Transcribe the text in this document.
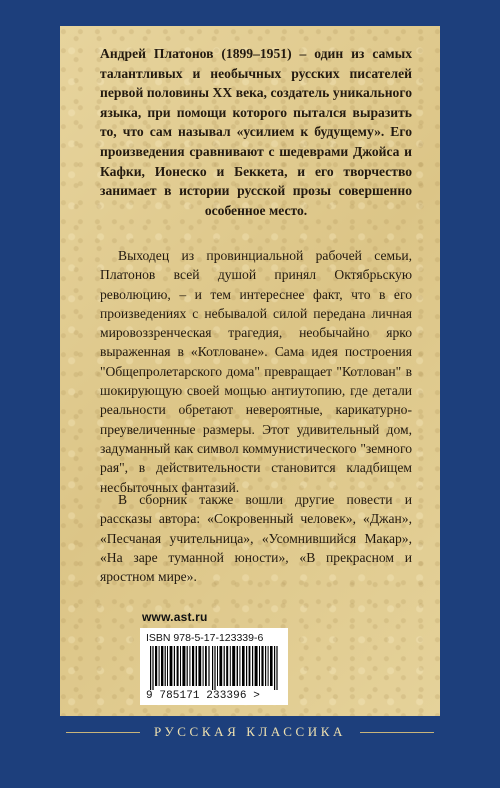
Андрей Платонов (1899–1951) – один из самых талантливых и необычных русских писателей первой половины XX века, создатель уникального языка, при помощи которого пытался выразить то, что сам называл «усилием к будущему». Его произведения сравнивают с шедеврами Джойса и Кафки, Ионеско и Беккета, и его творчество занимает в истории русской прозы совершенно особенное место.

Выходец из провинциальной рабочей семьи, Платонов всей душой принял Октябрьскую революцию, – и тем интереснее факт, что в его произведениях с небывалой силой передана личная мировоззренческая трагедия, необычайно ярко выраженная в «Котловане». Сама идея построения "Общепролетарского дома" превращает "Котлован" в шокирующую своей мощью антиутопию, где детали реальности обретают невероятные, карикатурно-преувеличенные размеры. Этот удивительный дом, задуманный как символ коммунистического "земного рая", в действительности становится кладбищем несбыточных фантазий.

В сборник также вошли другие повести и рассказы автора: «Сокровенный человек», «Джан», «Песчаная учительница», «Усомнившийся Макар», «На заре туманной юности», «В прекрасном и яростном мире».

www.ast.ru

ISBN 978-5-17-123339-6
9 785171 233396 >
РУССКАЯ КЛАССИКА
